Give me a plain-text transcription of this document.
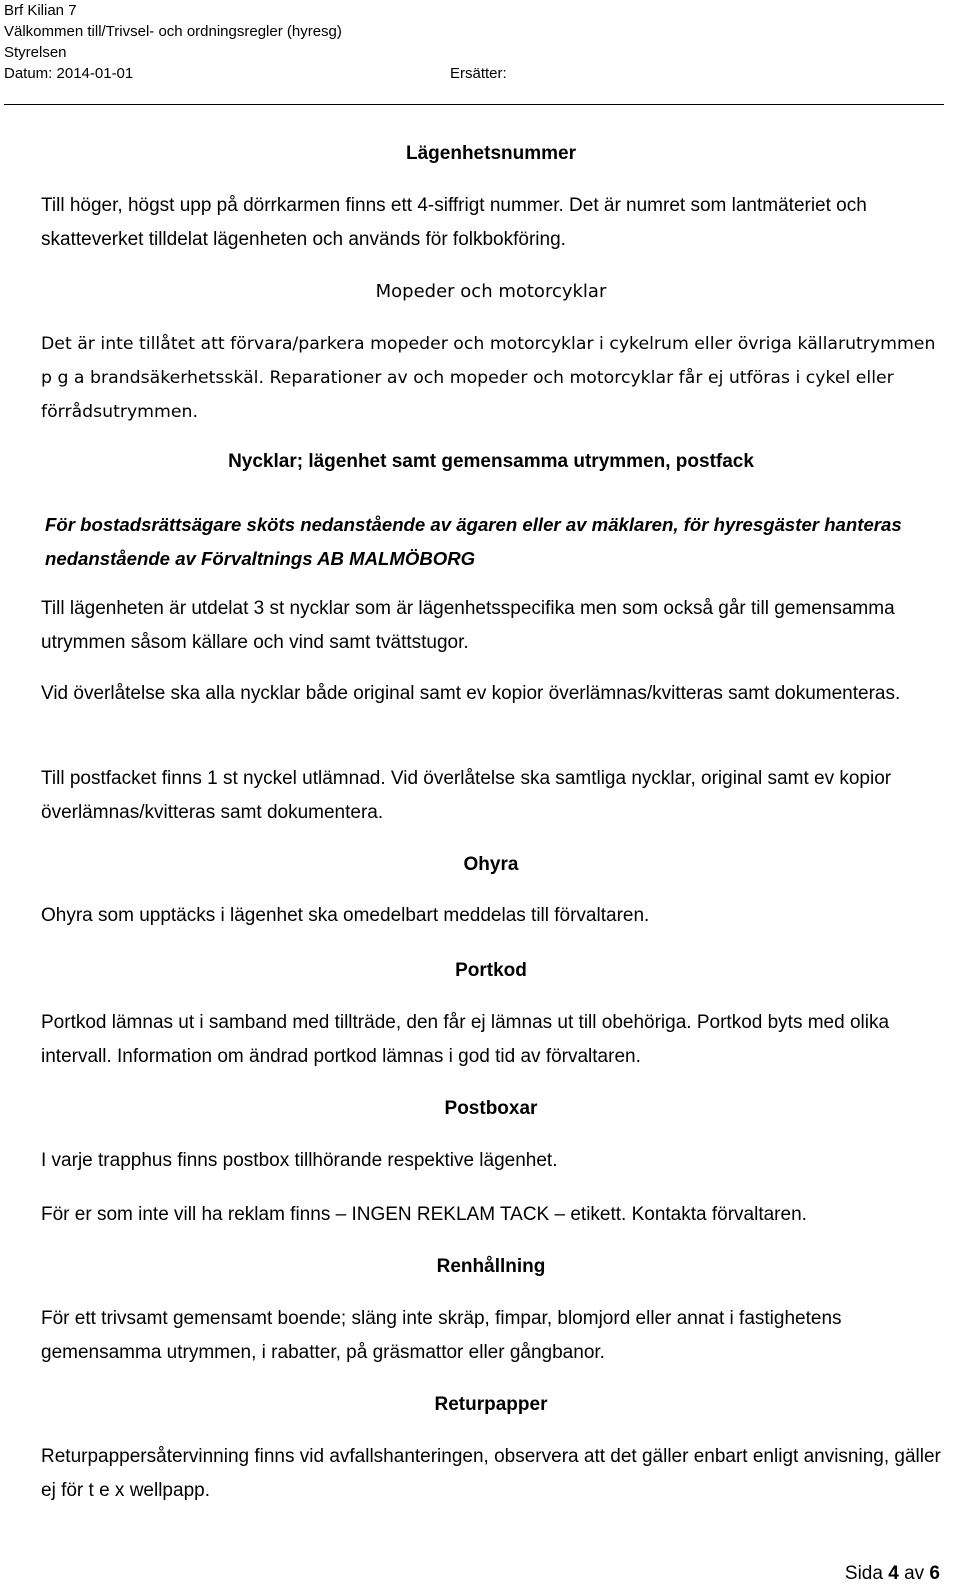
Brf Kilian 7
Välkommen till/Trivsel- och ordningsregler (hyresg)
Styrelsen
Datum: 2014-01-01	Ersätter:
Lägenhetsnummer
Till höger, högst upp på dörrkarmen finns ett 4-siffrigt nummer. Det är numret som lantmäteriet och skatteverket tilldelat lägenheten och används för folkbokföring.
Mopeder och motorcyklar
Det är inte tillåtet att förvara/parkera mopeder och motorcyklar i cykelrum eller övriga källarutrymmen p g a brandsäkerhetsskäl. Reparationer av och mopeder och motorcyklar får ej utföras i cykel eller förrådsutrymmen.
Nycklar; lägenhet samt gemensamma utrymmen, postfack
För bostadsrättsägare sköts nedanstående av ägaren eller av mäklaren, för hyresgäster hanteras nedanstående av Förvaltnings AB MALMÖBORG
Till lägenheten är utdelat 3 st nycklar som är lägenhetsspecifika men som också går till gemensamma utrymmen såsom källare och vind samt tvättstugor.
Vid överlåtelse ska alla nycklar både original samt ev kopior överlämnas/kvitteras samt dokumenteras.
Till postfacket finns 1 st nyckel utlämnad. Vid överlåtelse ska samtliga nycklar, original samt ev kopior överlämnas/kvitteras samt dokumentera.
Ohyra
Ohyra som upptäcks i lägenhet ska omedelbart meddelas till förvaltaren.
Portkod
Portkod lämnas ut i samband med tillträde, den får ej lämnas ut till obehöriga. Portkod byts med olika intervall. Information om ändrad portkod lämnas i god tid av förvaltaren.
Postboxar
I varje trapphus finns postbox tillhörande respektive lägenhet.
För er som inte vill ha reklam finns – INGEN REKLAM TACK – etikett. Kontakta förvaltaren.
Renhållning
För ett trivsamt gemensamt boende; släng inte skräp, fimpar, blomjord eller annat i fastighetens gemensamma utrymmen, i rabatter, på gräsmattor eller gångbanor.
Returpapper
Returpappersåtervinning finns vid avfallshanteringen, observera att det gäller enbart enligt anvisning, gäller ej för t e x wellpapp.
Sida 4 av 6
